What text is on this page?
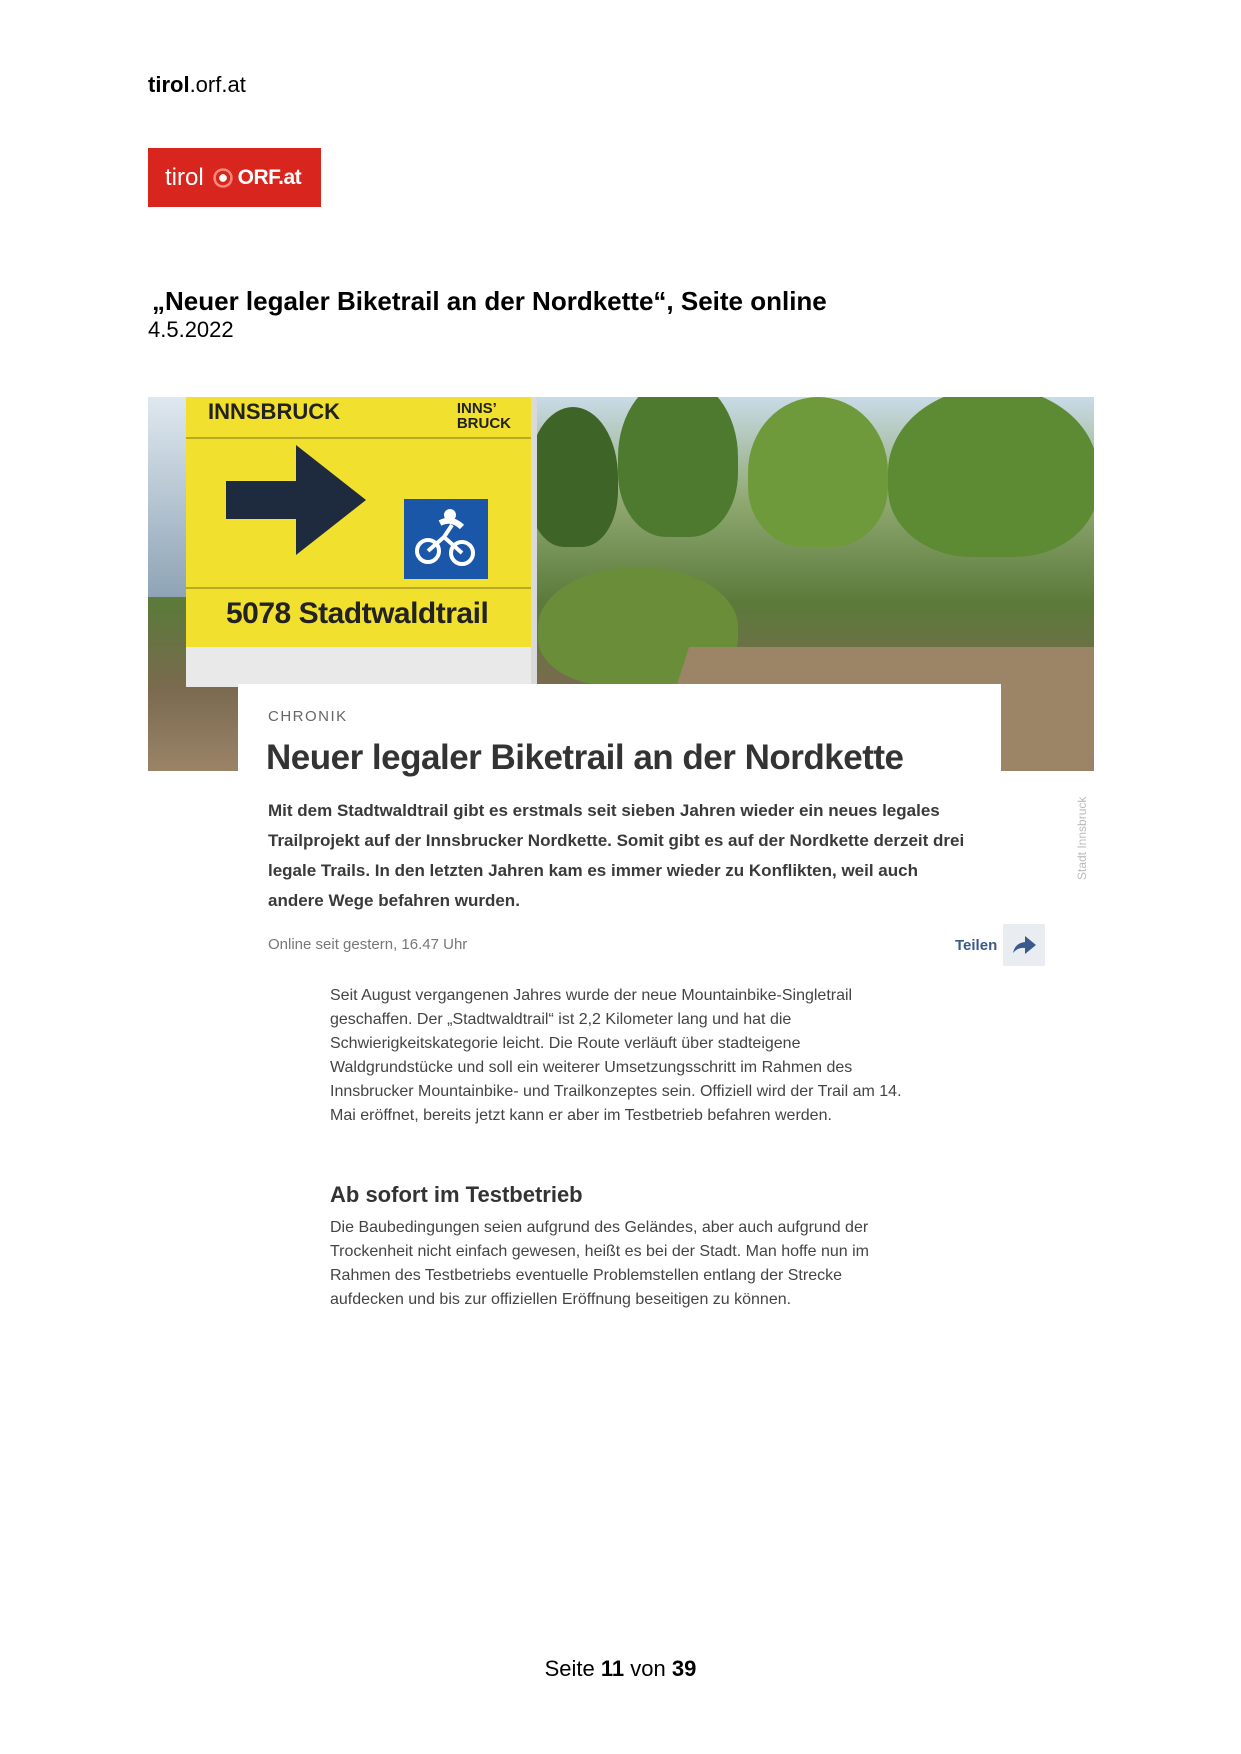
tirol.orf.at
tirol ORF.at
„Neuer legaler Biketrail an der Nordkette“, Seite online
4.5.2022
INNSBRUCK	INNS’
BRUCK
5078 Stadtwaldtrail
Stadt Innsbruck
CHRONIK
Neuer legaler Biketrail an der Nordkette

Mit dem Stadtwaldtrail gibt es erstmals seit sieben Jahren wieder ein neues legales Trailprojekt auf der Innsbrucker Nordkette. Somit gibt es auf der Nordkette derzeit drei legale Trails. In den letzten Jahren kam es immer wieder zu Konflikten, weil auch andere Wege befahren wurden.

Online seit gestern, 16.47 Uhr	Teilen

Seit August vergangenen Jahres wurde der neue Mountainbike-Singletrail geschaffen. Der „Stadtwaldtrail“ ist 2,2 Kilometer lang und hat die Schwierigkeitskategorie leicht. Die Route verläuft über stadteigene Waldgrundstücke und soll ein weiterer Umsetzungsschritt im Rahmen des Innsbrucker Mountainbike- und Trailkonzeptes sein. Offiziell wird der Trail am 14. Mai eröffnet, bereits jetzt kann er aber im Testbetrieb befahren werden.

Ab sofort im Testbetrieb

Die Baubedingungen seien aufgrund des Geländes, aber auch aufgrund der Trockenheit nicht einfach gewesen, heißt es bei der Stadt. Man hoffe nun im Rahmen des Testbetriebs eventuelle Problemstellen entlang der Strecke aufdecken und bis zur offiziellen Eröffnung beseitigen zu können.

Seite 11 von 39
